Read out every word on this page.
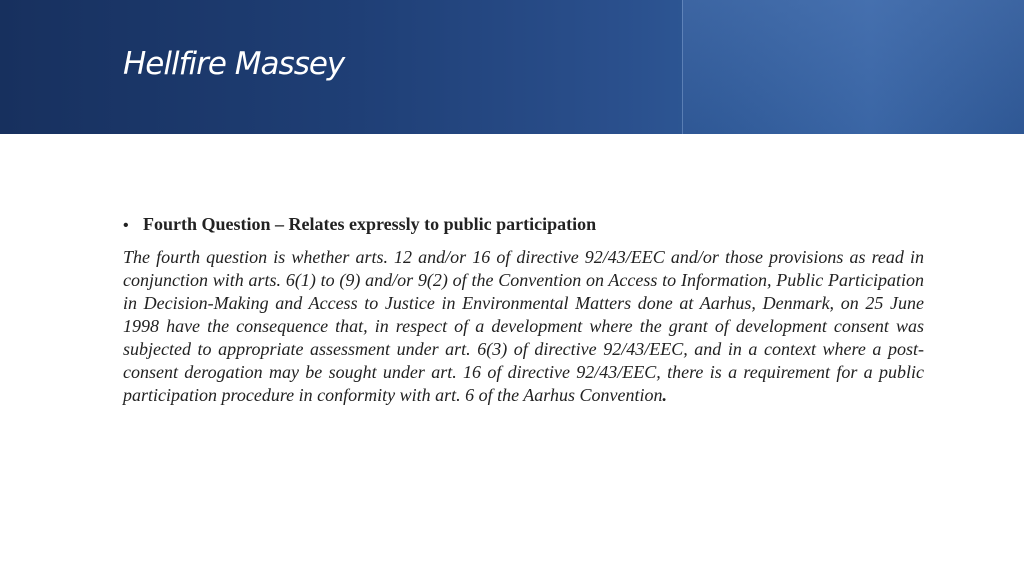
Hellfire Massey
• Fourth Question – Relates expressly to public participation

The fourth question is whether arts. 12 and/or 16 of directive 92/43/EEC and/or those provisions as read in conjunction with arts. 6(1) to (9) and/or 9(2) of the Convention on Access to Information, Public Participation in Decision-Making and Access to Justice in Environmental Matters done at Aarhus, Denmark, on 25 June 1998 have the consequence that, in respect of a development where the grant of development consent was subjected to appropriate assessment under art. 6(3) of directive 92/43/EEC, and in a context where a post-consent derogation may be sought under art. 16 of directive 92/43/EEC, there is a requirement for a public participation procedure in conformity with art. 6 of the Aarhus Convention.
